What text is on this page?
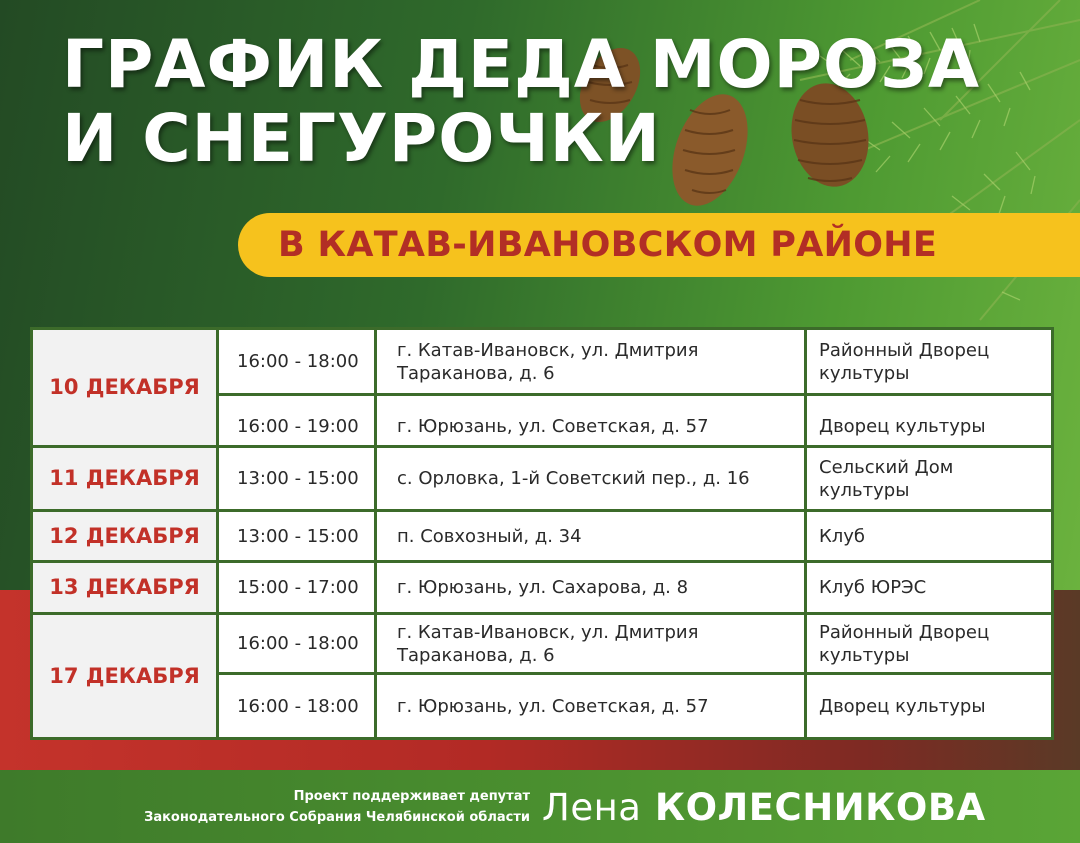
ГРАФИК ДЕДА МОРОЗА
И СНЕГУРОЧКИ
В КАТАВ-ИВАНОВСКОМ РАЙОНЕ
10 ДЕКАБРЯ	16:00 - 18:00	г. Катав-Ивановск, ул. Дмитрия Тараканова, д. 6	Районный Дворец культуры
	16:00 - 19:00	г. Юрюзань, ул. Советская, д. 57	Дворец культуры
11 ДЕКАБРЯ	13:00 - 15:00	с. Орловка, 1-й Советский пер., д. 16	Сельский Дом культуры
12 ДЕКАБРЯ	13:00 - 15:00	п. Совхозный, д. 34	Клуб
13 ДЕКАБРЯ	15:00 - 17:00	г. Юрюзань, ул. Сахарова, д. 8	Клуб ЮРЭС
17 ДЕКАБРЯ	16:00 - 18:00	г. Катав-Ивановск, ул. Дмитрия Тараканова, д. 6	Районный Дворец культуры
	16:00 - 18:00	г. Юрюзань, ул. Советская, д. 57	Дворец культуры
Проект поддерживает депутат
Законодательного Собрания Челябинской области Лена КОЛЕСНИКОВА
